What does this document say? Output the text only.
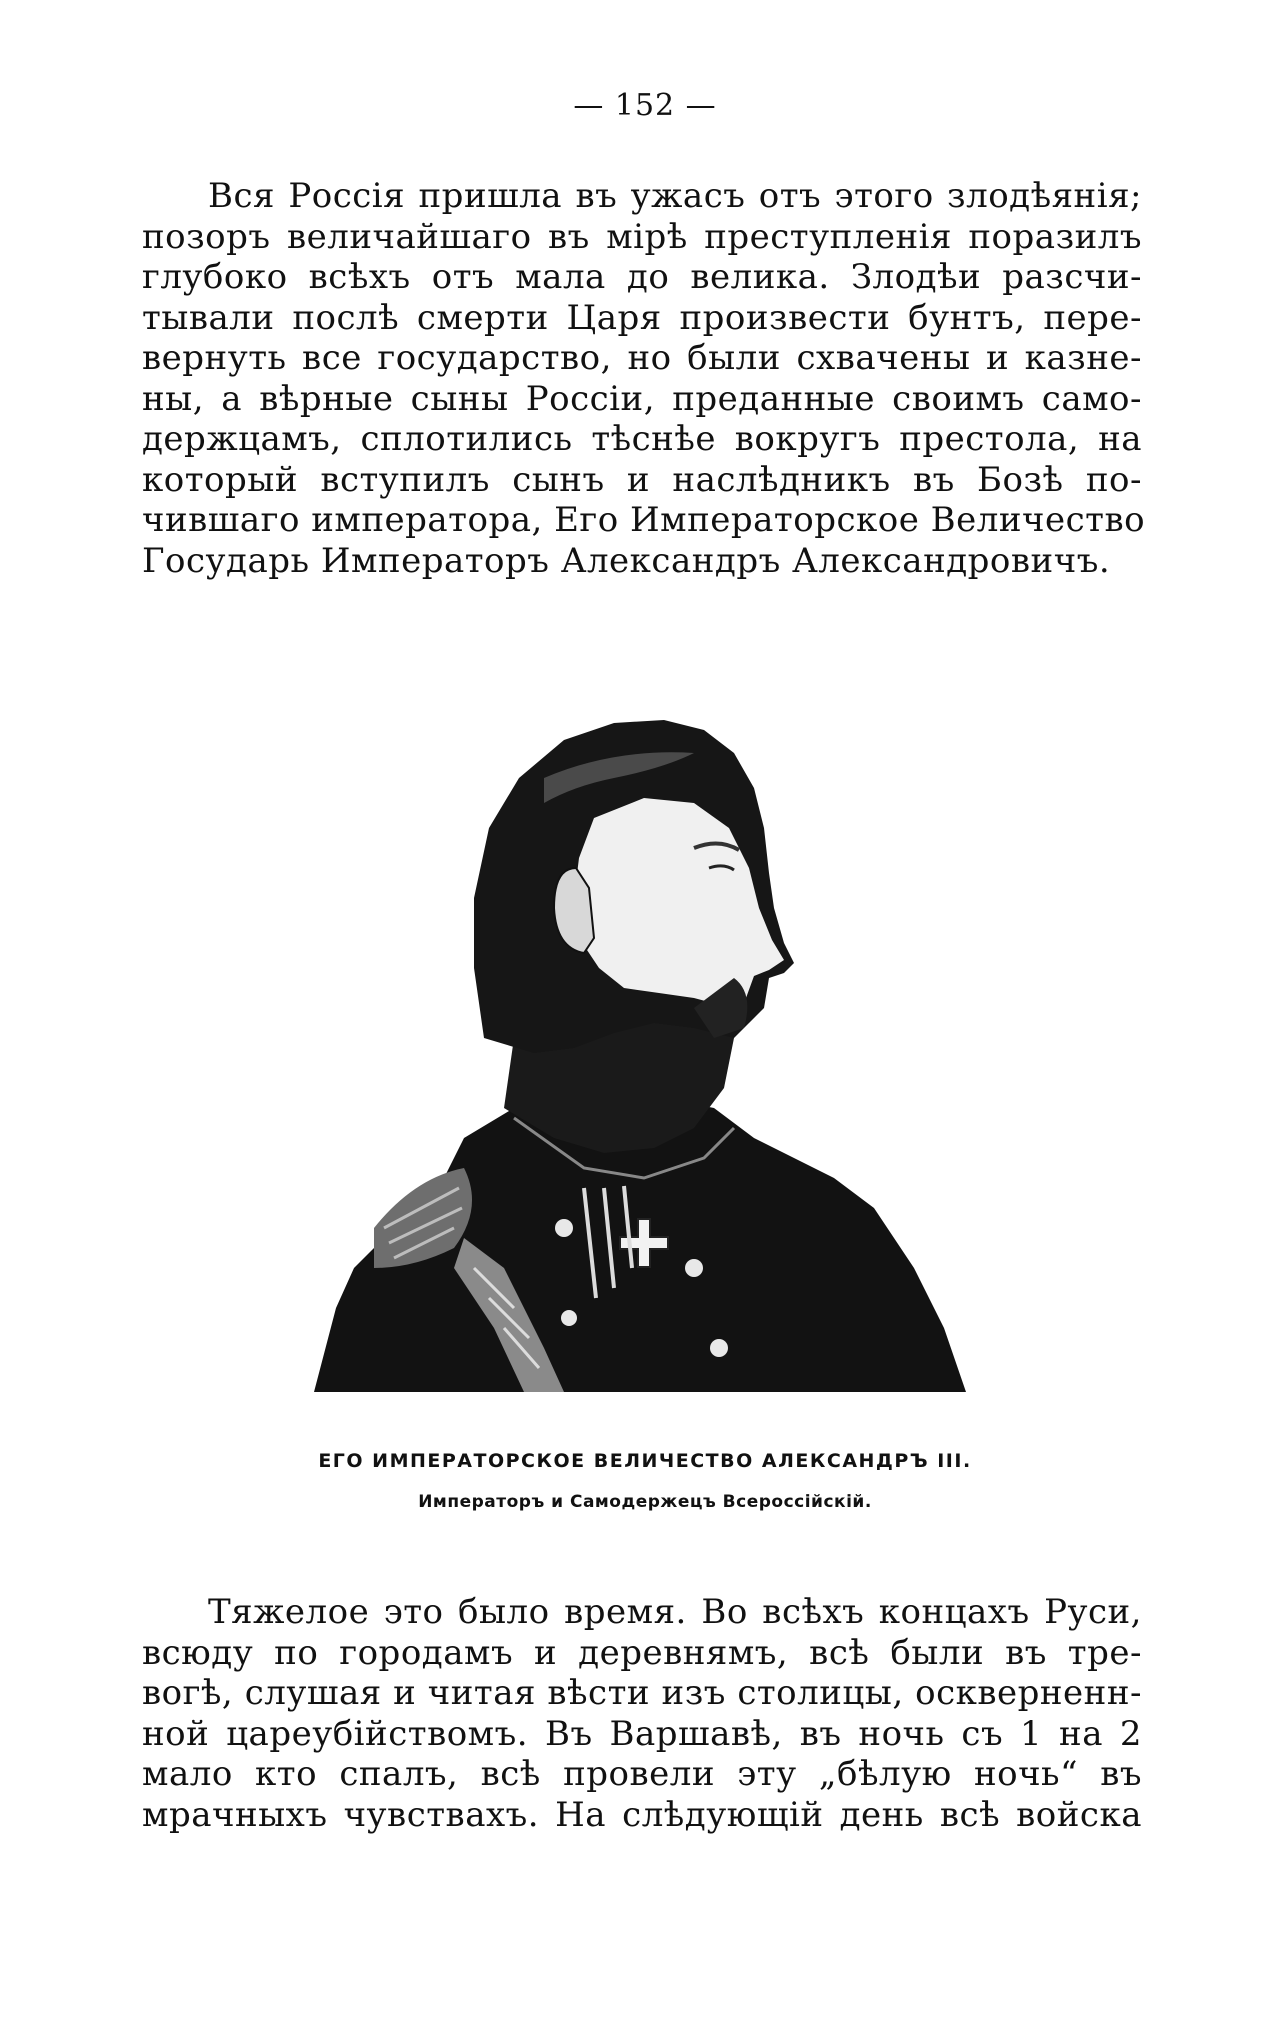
— 152 —
Вся Россія пришла въ ужасъ отъ этого злодѣянія;
позоръ величайшаго въ мірѣ преступленія поразилъ
глубоко всѣхъ отъ мала до велика. Злодѣи разсчи-
тывали послѣ смерти Царя произвести бунтъ, пере-
вернуть все государство, но были схвачены и казне-
ны, а вѣрные сыны Россіи, преданные своимъ само-
держцамъ, сплотились тѣснѣе вокругъ престола, на
который вступилъ сынъ и наслѣдникъ въ Бозѣ по-
чившаго императора, Его Императорское Величество
Государь Императоръ Александръ Александровичъ.
ЕГО ИМПЕРАТОРСКОЕ ВЕЛИЧЕСТВО АЛЕКСАНДРЪ III.
Императоръ и Самодержецъ Всероссійскій.
Тяжелое это было время. Во всѣхъ концахъ Руси,
всюду по городамъ и деревнямъ, всѣ были въ тре-
вогѣ, слушая и читая вѣсти изъ столицы, оскверненн-
ной цареубійствомъ. Въ Варшавѣ, въ ночь съ 1 на 2
мало кто спалъ, всѣ провели эту „бѣлую ночь“ въ
мрачныхъ чувствахъ. На слѣдующій день всѣ войска
